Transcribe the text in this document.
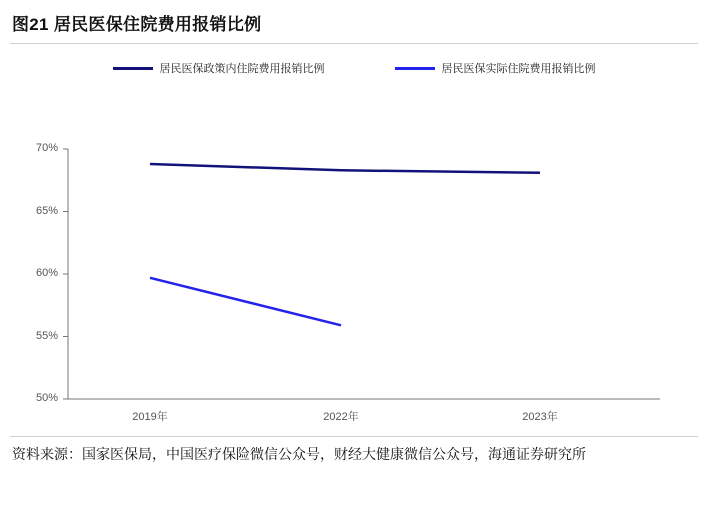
图21 居民医保住院费用报销比例
居民医保政策内住院费用报销比例	居民医保实际住院费用报销比例
50%
55%
60%
65%
70%
2019年	2022年	2023年
资料来源：国家医保局，中国医疗保险微信公众号，财经大健康微信公众号，海通证券研究所
